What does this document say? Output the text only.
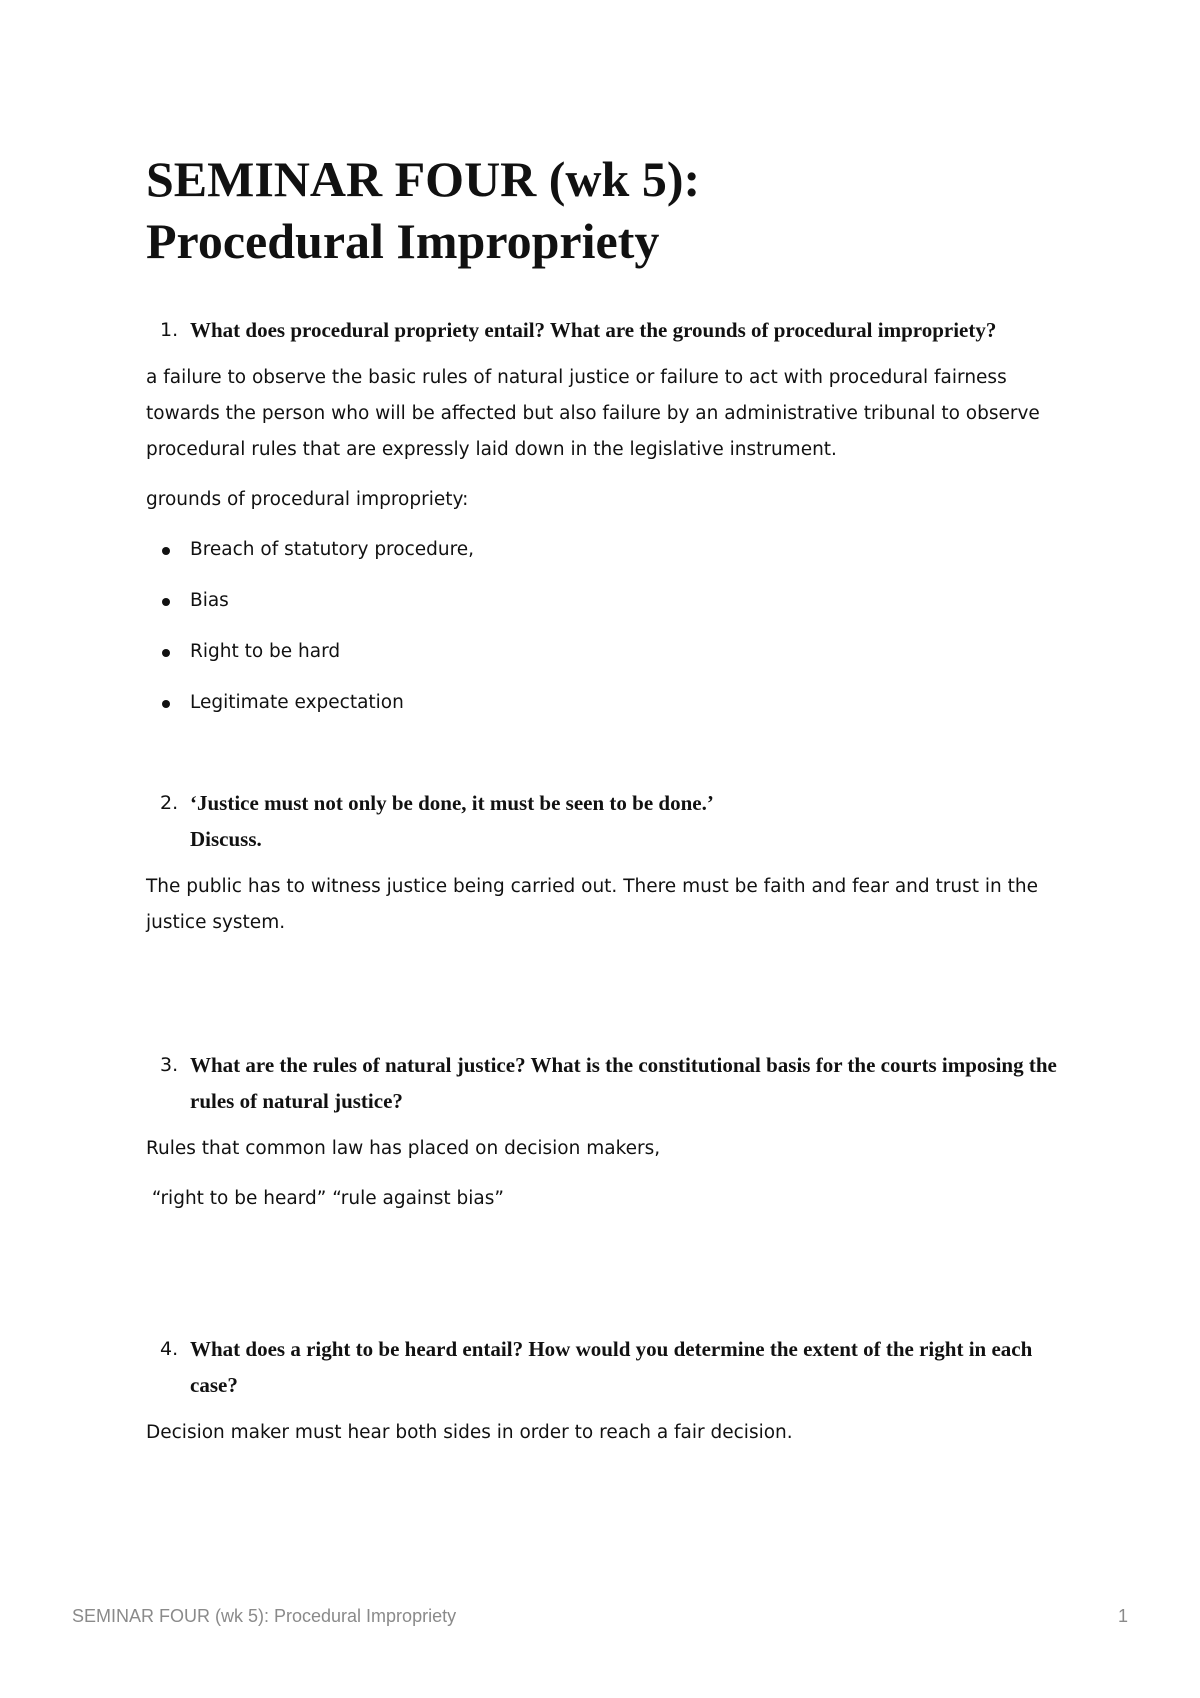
SEMINAR FOUR (wk 5):
Procedural Impropriety
1. What does procedural propriety entail? What are the grounds of procedural impropriety?

a failure to observe the basic rules of natural justice or failure to act with procedural fairness towards the person who will be affected but also failure by an administrative tribunal to observe procedural rules that are expressly laid down in the legislative instrument.

grounds of procedural impropriety:

Breach of statutory procedure,
Bias
Right to be hard
Legitimate expectation
2. ‘Justice must not only be done, it must be seen to be done.’
Discuss.

The public has to witness justice being carried out. There must be faith and fear and trust in the justice system.

3. What are the rules of natural justice? What is the constitutional basis for the courts imposing the rules of natural justice?

Rules that common law has placed on decision makers,

“right to be heard” “rule against bias”

4. What does a right to be heard entail? How would you determine the extent of the right in each case?

Decision maker must hear both sides in order to reach a fair decision.

SEMINAR FOUR (wk 5): Procedural Impropriety	1
